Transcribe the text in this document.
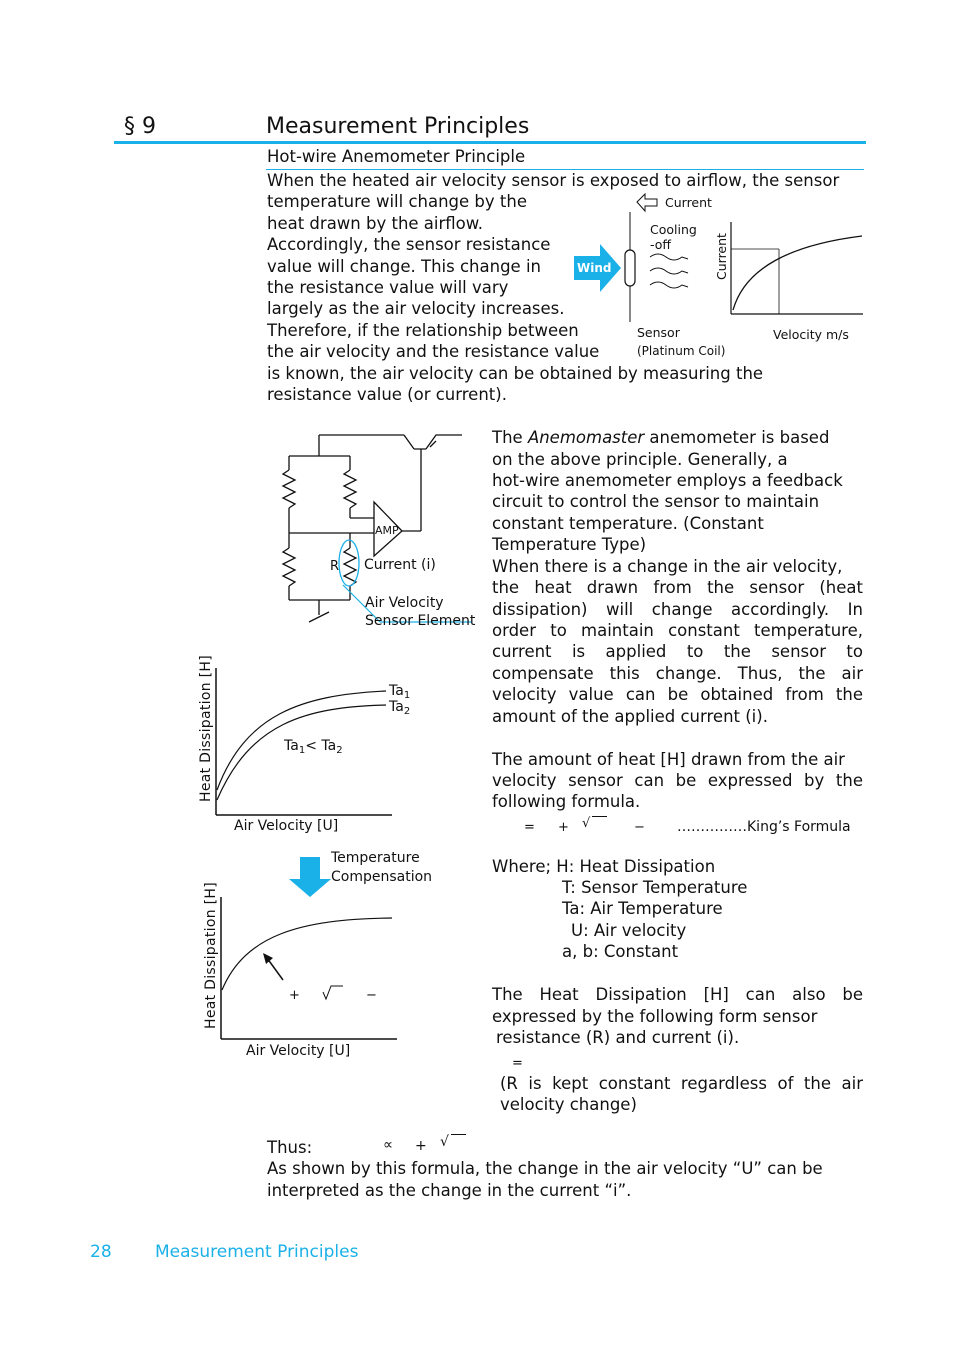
§ 9	Measurement Principles
Hot-wire Anemometer Principle
When the heated air velocity sensor is exposed to airflow, the sensor
temperature will change by the
heat drawn by the airflow.
Accordingly, the sensor resistance
value will change. This change in
the resistance value will vary
largely as the air velocity increases.
Therefore, if the relationship between
the air velocity and the resistance value
is known, the air velocity can be obtained by measuring the
resistance value (or current).
Current
Cooling
-off
Wind
Sensor
(Platinum Coil)
Current
Velocity m/s
AMP
R Current (i)
Air Velocity
Sensor Element
Heat Dissipation [H]
Air Velocity [U]
$Ta_1$
$Ta_2$
$Ta_1< Ta_2$
Temperature
Compensation
Heat Dissipation [H]
Air Velocity [U]
+	−
The Anemomaster anemometer is based
on the above principle. Generally, a
hot-wire anemometer employs a feedback
circuit to control the sensor to maintain
constant temperature. (Constant
Temperature Type)
When there is a change in the air velocity,
the heat drawn from the sensor (heat
dissipation) will change accordingly. In
order to maintain constant temperature,
current is applied to the sensor to
compensate this change. Thus, the air
velocity value can be obtained from the
amount of the applied current (i).
The amount of heat [H] drawn from the air
velocity sensor can be expressed by the
following formula.
= + √	− ……………King’s Formula
Where; H: Heat Dissipation
T: Sensor Temperature
Ta: Air Temperature
U: Air velocity
a, b: Constant
The Heat Dissipation [H] can also be
expressed by the following form sensor
resistance (R) and current (i).
=
(R is kept constant regardless of the air
velocity change)
Thus:	∝ + √
As shown by this formula, the change in the air velocity “U” can be
interpreted as the change in the current “i”.
28	Measurement Principles
